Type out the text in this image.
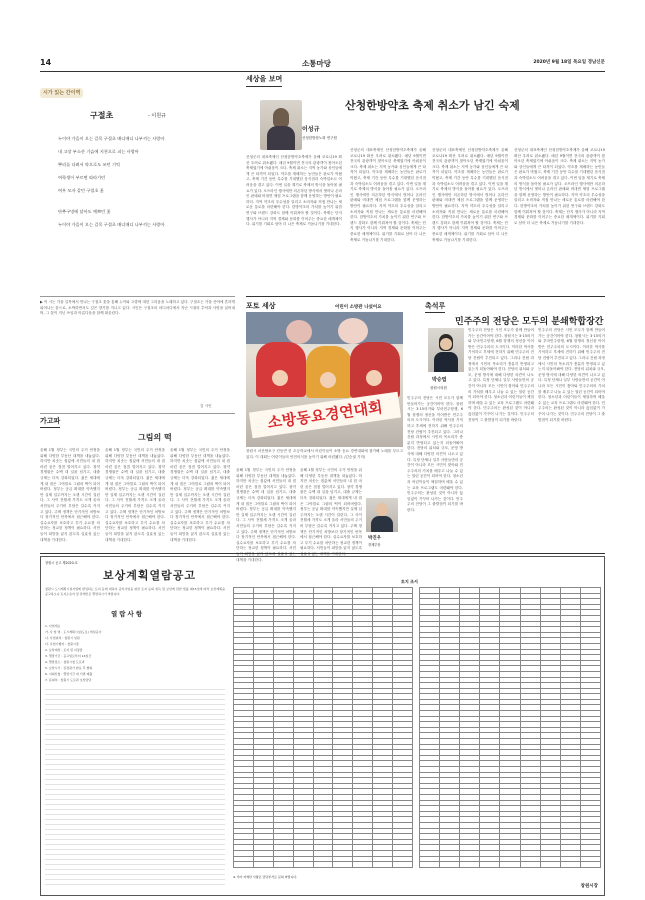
14	소통마당	2020년 9월 18일 목요일 경남신문
시가 있는 간이역
구절초	- 이원규
누이야 가을이 오는 길목 구절초 매디매디 나부끼는 사랑아
내 고장 부소산 기슭에 지천으로 피는 사랑아
뿌리를 다려서 약으로도 쓰던 기억
여학생이 부르면 따라가던
여우 모자 같던 구절초 꽃
단추구멍에 달아도 예쁘던 꽃
누이야 가을이 오는 길목 구절초 매디매디 나부끼는 사랑아
▶ 이 시는 가을 길목에서 만나는 구절초 꽃을 통해 누이와 고향에 대한 그리움을 노래하고 있다. 구절초는 가을 산야에 흔하게 피어나는 꽃으로, 소박하면서도 깊은 향기를 지니고 있다. 시인은 구절초의 마디마디에서 지난 시절의 추억과 사랑을 읽어내며, 그 꽃이 지닌 쓰임과 아름다움을 함께 떠올린다.
김 시인
세상을 보며
산청한방약초 축제 취소가 남긴 숙제
이성규
산청한방항노화 연구원
산청군의 대표축제인 산청한방약초축제가 올해 코로나19 확산 우려로 취소됐다. 매년 9월이면 전국의 관광객이 찾아오던 축제였기에 아쉬움이 크다. 축제 취소는 지역 농가와 상인들에게 큰 타격이 되었다. 약초를 재배하는 농민들은 판로가 막혔고, 축제 기간 동안 특수를 기대했던 음식점과 숙박업소도 어려움을 겪고 있다. 이번 일을 계기로 축제의 방식을 돌아볼 필요가 있다. 오프라인 행사에만 의존하던 방식에서 벗어나 온라인 판매와 비대면 체험 프로그램을 함께 운영하는 방안이 필요하다. 지역 약초의 우수성을 알리고 소비자와 직접 만나는 새로운 통로를 마련해야 한다. 한방약초의 가치를 높이기 위한 연구와 브랜드 강화도 함께 이뤄져야 할 것이다. 축제는 단지 행사가 아니라 지역 경제와 문화를 이어주는 중요한 매개체이다. 위기를 기회로 삼아 더 나은 축제로 거듭나기를 기대한다.
산청군의 대표축제인 산청한방약초축제가 올해 코로나19 확산 우려로 취소됐다. 매년 9월이면 전국의 관광객이 찾아오던 축제였기에 아쉬움이 크다. 축제 취소는 지역 농가와 상인들에게 큰 타격이 되었다. 약초를 재배하는 농민들은 판로가 막혔고, 축제 기간 동안 특수를 기대했던 음식점과 숙박업소도 어려움을 겪고 있다. 이번 일을 계기로 축제의 방식을 돌아볼 필요가 있다. 오프라인 행사에만 의존하던 방식에서 벗어나 온라인 판매와 비대면 체험 프로그램을 함께 운영하는 방안이 필요하다. 지역 약초의 우수성을 알리고 소비자와 직접 만나는 새로운 통로를 마련해야 한다. 한방약초의 가치를 높이기 위한 연구와 브랜드 강화도 함께 이뤄져야 할 것이다. 축제는 단지 행사가 아니라 지역 경제와 문화를 이어주는 중요한 매개체이다. 위기를 기회로 삼아 더 나은 축제로 거듭나기를 기대한다.
산청군의 대표축제인 산청한방약초축제가 올해 코로나19 확산 우려로 취소됐다. 매년 9월이면 전국의 관광객이 찾아오던 축제였기에 아쉬움이 크다. 축제 취소는 지역 농가와 상인들에게 큰 타격이 되었다. 약초를 재배하는 농민들은 판로가 막혔고, 축제 기간 동안 특수를 기대했던 음식점과 숙박업소도 어려움을 겪고 있다. 이번 일을 계기로 축제의 방식을 돌아볼 필요가 있다. 오프라인 행사에만 의존하던 방식에서 벗어나 온라인 판매와 비대면 체험 프로그램을 함께 운영하는 방안이 필요하다. 지역 약초의 우수성을 알리고 소비자와 직접 만나는 새로운 통로를 마련해야 한다. 한방약초의 가치를 높이기 위한 연구와 브랜드 강화도 함께 이뤄져야 할 것이다. 축제는 단지 행사가 아니라 지역 경제와 문화를 이어주는 중요한 매개체이다. 위기를 기회로 삼아 더 나은 축제로 거듭나기를 기대한다.
산청군의 대표축제인 산청한방약초축제가 올해 코로나19 확산 우려로 취소됐다. 매년 9월이면 전국의 관광객이 찾아오던 축제였기에 아쉬움이 크다. 축제 취소는 지역 농가와 상인들에게 큰 타격이 되었다. 약초를 재배하는 농민들은 판로가 막혔고, 축제 기간 동안 특수를 기대했던 음식점과 숙박업소도 어려움을 겪고 있다. 이번 일을 계기로 축제의 방식을 돌아볼 필요가 있다. 오프라인 행사에만 의존하던 방식에서 벗어나 온라인 판매와 비대면 체험 프로그램을 함께 운영하는 방안이 필요하다. 지역 약초의 우수성을 알리고 소비자와 직접 만나는 새로운 통로를 마련해야 한다. 한방약초의 가치를 높이기 위한 연구와 브랜드 강화도 함께 이뤄져야 할 것이다. 축제는 단지 행사가 아니라 지역 경제와 문화를 이어주는 중요한 매개체이다. 위기를 기회로 삼아 더 나은 축제로 거듭나기를 기대한다.
포토 세상	어린이 소방관 나섰어요
소방동요경연대회
창원시 마산합포구 진동면 한 초등학교에서 어린이들이 소방 동요 경연대회에 참가해 노래를 부르고 있다. 이 대회는 어린이들의 안전의식을 높이기 위해 마련됐다. /김승권 기자/
촉석루
민주주의 전당은 모두의 분쇄학합장간
박승엽
창원시의원
민주주의 전당은 시민 모두가 함께 만들어가는 공간이어야 한다. 창원시는 3·15의거와 부마민주항쟁, 6월 항쟁의 정신을 이어받은 민주주의의 도시이다. 이러한 역사를 기억하고 후세에 전하기 위해 민주주의 전당 건립이 추진되고 있다. 그러나 건립 과정에서 시민의 목소리가 충분히 반영되고 있는지 되돌아봐야 한다. 전당의 위치와 규모, 운영 방식에 대해 다양한 의견이 나오고 있다. 특정 단체나 일부 사람들만의 공간이 아니라 모든 시민이 찾아와 민주주의의 가치를 배우고 나눌 수 있는 열린 공간이 되어야 한다. 청소년과 어린이들이 체험하며 배울 수 있는 교육 프로그램도 마련돼야 한다. 민주주의는 완성된 것이 아니라 끊임없이 가꾸어 나가는 것이다. 민주주의 전당이 그 출발점이 되기를 바란다.
민주주의 전당은 시민 모두가 함께 만들어가는 공간이어야 한다. 창원시는 3·15의거와 부마민주항쟁, 6월 항쟁의 정신을 이어받은 민주주의의 도시이다. 이러한 역사를 기억하고 후세에 전하기 위해 민주주의 전당 건립이 추진되고 있다. 그러나 건립 과정에서 시민의 목소리가 충분히 반영되고 있는지 되돌아봐야 한다. 전당의 위치와 규모, 운영 방식에 대해 다양한 의견이 나오고 있다. 특정 단체나 일부 사람들만의 공간이 아니라 모든 시민이 찾아와 민주주의의 가치를 배우고 나눌 수 있는 열린 공간이 되어야 한다. 청소년과 어린이들이 체험하며 배울 수 있는 교육 프로그램도 마련돼야 한다. 민주주의는 완성된 것이 아니라 끊임없이 가꾸어 나가는 것이다. 민주주의 전당이 그 출발점이 되기를 바란다.
민주주의 전당은 시민 모두가 함께 만들어가는 공간이어야 한다. 창원시는 3·15의거와 부마민주항쟁, 6월 항쟁의 정신을 이어받은 민주주의의 도시이다. 이러한 역사를 기억하고 후세에 전하기 위해 민주주의 전당 건립이 추진되고 있다. 그러나 건립 과정에서 시민의 목소리가 충분히 반영되고 있는지 되돌아봐야 한다. 전당의 위치와 규모, 운영 방식에 대해 다양한 의견이 나오고 있다. 특정 단체나 일부 사람들만의 공간이 아니라 모든 시민이 찾아와 민주주의의 가치를 배우고 나눌 수 있는 열린 공간이 되어야 한다. 청소년과 어린이들이 체험하며 배울 수 있는 교육 프로그램도 마련돼야 한다. 민주주의는 완성된 것이 아니라 끊임없이 가꾸어 나가는 것이다. 민주주의 전당이 그 출발점이 되기를 바란다.
가고파
그림의 떡
올해 1월 정부는 국민의 주거 안정을 위해 다양한 부동산 대책을 내놓았다. 하지만 치솟는 집값에 서민들의 내 집 마련 꿈은 점점 멀어지고 있다. 청약 경쟁률은 수백 대 일을 넘기고, 대출 규제는 더욱 강화되었다. 젊은 세대에게 내 집은 그야말로 그림의 떡이 되어버렸다. 정부는 공급 확대를 약속했지만 실제 입주까지는 오랜 시간이 걸린다. 그 사이 전월세 가격도 크게 올라 서민들의 주거비 부담은 갈수록 커지고 있다. 주택 정책은 단기적인 처방보다 장기적인 안목에서 접근해야 한다. 실수요자를 보호하고 투기 수요를 차단하는 정교한 정책이 필요하다. 서민들이 희망을 잃지 않도록 실효성 있는 대책을 기대한다.
올해 1월 정부는 국민의 주거 안정을 위해 다양한 부동산 대책을 내놓았다. 하지만 치솟는 집값에 서민들의 내 집 마련 꿈은 점점 멀어지고 있다. 청약 경쟁률은 수백 대 일을 넘기고, 대출 규제는 더욱 강화되었다. 젊은 세대에게 내 집은 그야말로 그림의 떡이 되어버렸다. 정부는 공급 확대를 약속했지만 실제 입주까지는 오랜 시간이 걸린다. 그 사이 전월세 가격도 크게 올라 서민들의 주거비 부담은 갈수록 커지고 있다. 주택 정책은 단기적인 처방보다 장기적인 안목에서 접근해야 한다. 실수요자를 보호하고 투기 수요를 차단하는 정교한 정책이 필요하다. 서민들이 희망을 잃지 않도록 실효성 있는 대책을 기대한다.
올해 1월 정부는 국민의 주거 안정을 위해 다양한 부동산 대책을 내놓았다. 하지만 치솟는 집값에 서민들의 내 집 마련 꿈은 점점 멀어지고 있다. 청약 경쟁률은 수백 대 일을 넘기고, 대출 규제는 더욱 강화되었다. 젊은 세대에게 내 집은 그야말로 그림의 떡이 되어버렸다. 정부는 공급 확대를 약속했지만 실제 입주까지는 오랜 시간이 걸린다. 그 사이 전월세 가격도 크게 올라 서민들의 주거비 부담은 갈수록 커지고 있다. 주택 정책은 단기적인 처방보다 장기적인 안목에서 접근해야 한다. 실수요자를 보호하고 투기 수요를 차단하는 정교한 정책이 필요하다. 서민들이 희망을 잃지 않도록 실효성 있는 대책을 기대한다.
올해 1월 정부는 국민의 주거 안정을 위해 다양한 부동산 대책을 내놓았다. 하지만 치솟는 집값에 서민들의 내 집 마련 꿈은 점점 멀어지고 있다. 청약 경쟁률은 수백 대 일을 넘기고, 대출 규제는 더욱 강화되었다. 젊은 세대에게 내 집은 그야말로 그림의 떡이 되어버렸다. 정부는 공급 확대를 약속했지만 실제 입주까지는 오랜 시간이 걸린다. 그 사이 전월세 가격도 크게 올라 서민들의 주거비 부담은 갈수록 커지고 있다. 주택 정책은 단기적인 처방보다 장기적인 안목에서 접근해야 한다. 실수요자를 보호하고 투기 수요를 차단하는 정교한 정책이 필요하다. 서민 대책을 기대한다.
올해 1월 정부는 국민의 주거 안정을 위해 다양한 부동산 대책을 내놓았다. 하지만 치솟는 집값에 서민들의 내 집 마련 꿈은 점점 멀어지고 있다. 청약 경쟁률은 수백 대 일을 넘기고, 대출 규제는 더욱 강화되었다. 젊은 세대에게 내 집은 그야말로 그림의 떡이 되어버렸다. 정부는 공급 확대를 약속했지만 실제 입주까지는 오랜 시간이 걸린다. 그 사이 전월세 가격도 크게 올라 서민들의 주거비 부담은 갈수록 커지고 있다. 주택 정책은 단기적인 처방보다 장기적인 안목에서 접근해야 한다. 실수요자를 보호하고 투기 수요를 차단하는 정교한 정책이 필요하다. 서민들이 희망을 잃지 않도록
박진우
경제부장
창원시 공고 제2020-호
보상계획열람공고
창원시 도시계획시설사업에 편입되는 토지 등에 대하여 공익사업을 위한 토지 등의 취득 및 보상에 관한 법률 제15조에 따라 보상계획을 공고하오니 토지소유자 및 관계인은 열람하시기 바랍니다.
열람사항
1. 사업개요
가. 사 업 명 : 도시계획시설(도로) 개설공사
나. 사업위치 : 창원시 일원
다. 사업시행자 : 창원시장
2. 보상대상 : 토지 및 지장물
3. 열람기간 : 공고일로부터 14일간
4. 열람장소 : 창원시청 도로과
5. 보상시기 : 감정평가 완료 후 협의
6. 이의신청 : 열람기간 내 서면 제출
7. 문의처 : 창원시 도로과 보상담당
토지 조서

※ 기타 자세한 사항은 담당부서로 문의 바랍니다.
창원시장
